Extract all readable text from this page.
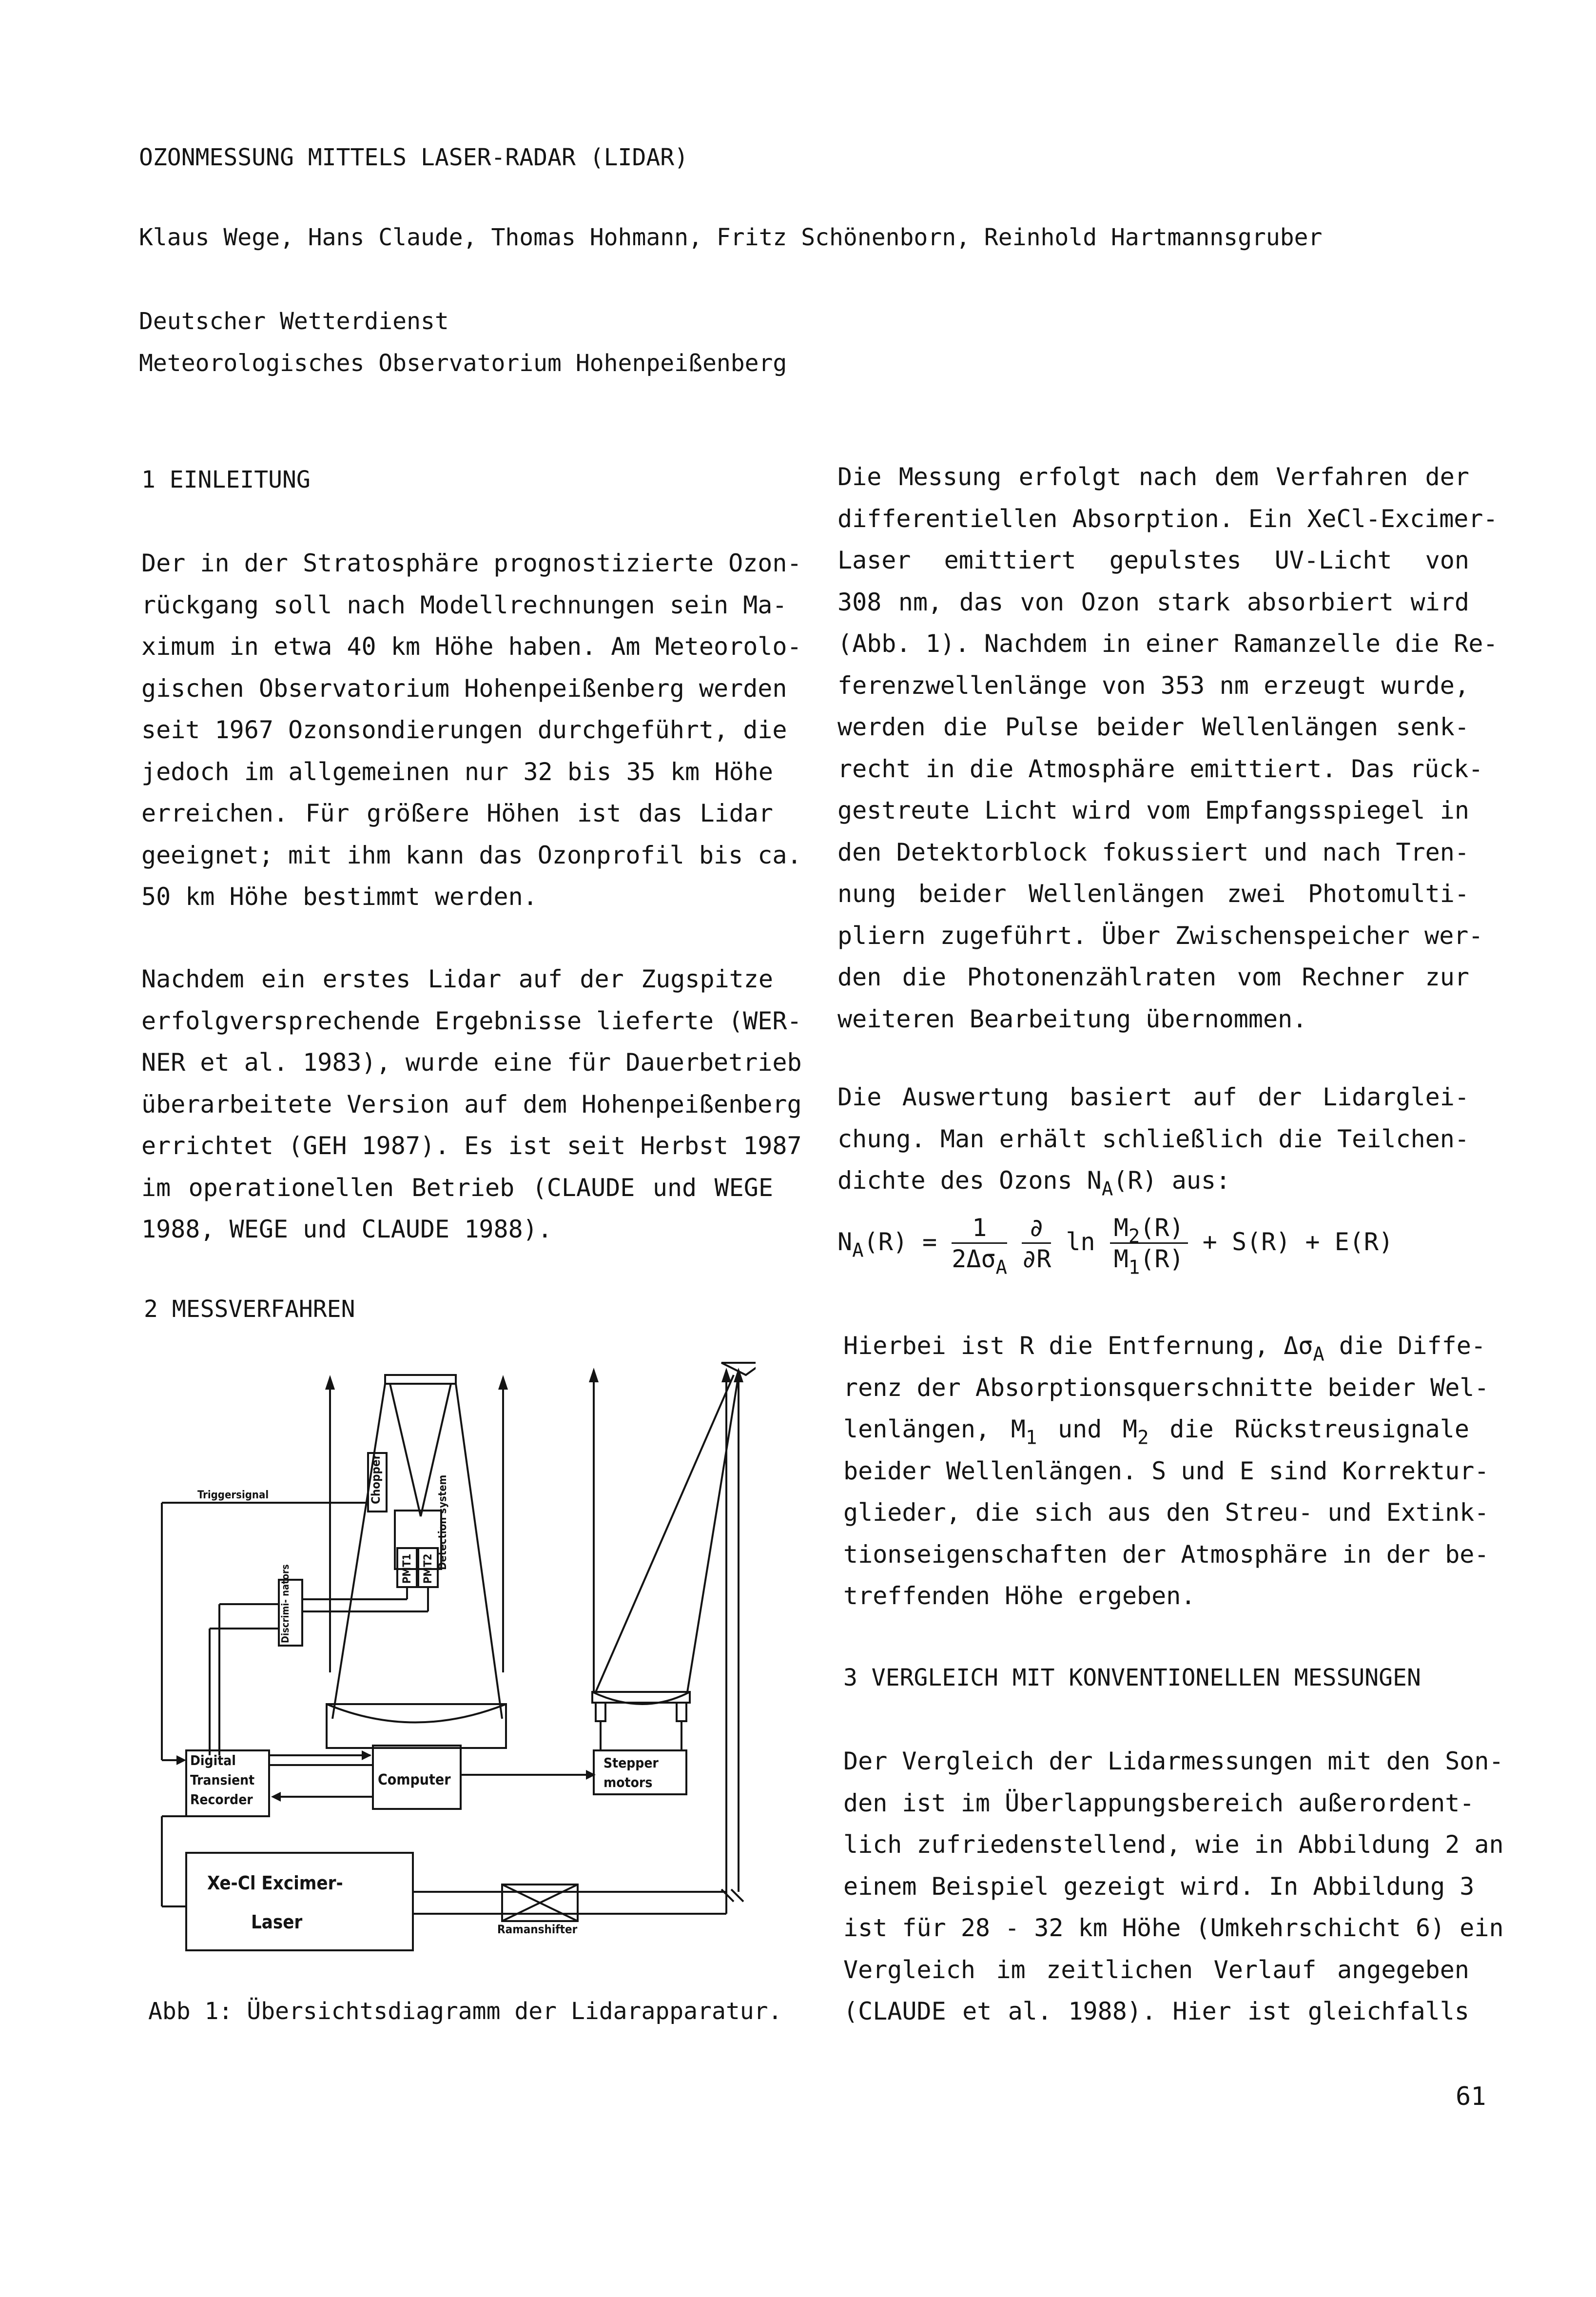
OZONMESSUNG MITTELS LASER-RADAR (LIDAR)
Klaus Wege, Hans Claude, Thomas Hohmann, Fritz Schönenborn, Reinhold Hartmannsgruber
Deutscher Wetterdienst
Meteorologisches Observatorium Hohenpeißenberg
1 EINLEITUNG
Der in der Stratosphäre prognostizierte Ozon-
rückgang soll nach Modellrechnungen sein Ma-
ximum in etwa 40 km Höhe haben. Am Meteorolo-
gischen Observatorium Hohenpeißenberg werden
seit 1967 Ozonsondierungen durchgeführt, die
jedoch im allgemeinen nur 32 bis 35 km Höhe
erreichen. Für größere Höhen ist das Lidar
geeignet; mit ihm kann das Ozonprofil bis ca.
50 km Höhe bestimmt werden.
Nachdem ein erstes Lidar auf der Zugspitze
erfolgversprechende Ergebnisse lieferte (WER-
NER et al. 1983), wurde eine für Dauerbetrieb
überarbeitete Version auf dem Hohenpeißenberg
errichtet (GEH 1987). Es ist seit Herbst 1987
im operationellen Betrieb (CLAUDE und WEGE
1988, WEGE und CLAUDE 1988).
2 MESSVERFAHREN
Chopper	Detection system
PMT1 PMT2
Triggersignal
Discrimi- nators
Digital
Transient
Recorder
Computer
Xe-Cl Excimer-
Laser	Ramanshifter
Stepper
motors
Abb 1: Übersichtsdiagramm der Lidarapparatur.
Die Messung erfolgt nach dem Verfahren der
differentiellen Absorption. Ein XeCl-Excimer-
Laser emittiert gepulstes UV-Licht von
308 nm, das von Ozon stark absorbiert wird
(Abb. 1). Nachdem in einer Ramanzelle die Re-
ferenzwellenlänge von 353 nm erzeugt wurde,
werden die Pulse beider Wellenlängen senk-
recht in die Atmosphäre emittiert. Das rück-
gestreute Licht wird vom Empfangsspiegel in
den Detektorblock fokussiert und nach Tren-
nung beider Wellenlängen zwei Photomulti-
pliern zugeführt. Über Zwischenspeicher wer-
den die Photonenzählraten vom Rechner zur
weiteren Bearbeitung übernommen.
Die Auswertung basiert auf der Lidarglei-
chung. Man erhält schließlich die Teilchen-
dichte des Ozons $N_A(R)$ aus:
$N_A(R) = \frac{1}{2\Delta\sigma_A}$
$\frac{\partial}{\partial R}$ $\ln \frac{M_2(R)}{M_1(R)} + S(R) + E(R)$
Hierbei ist R die Entfernung, $\Delta\sigma_A$ die Diffe-
renz der Absorptionsquerschnitte beider Wel-
lenlängen, $M_1$ und $M_2$ die Rückstreusignale
beider Wellenlängen. S und E sind Korrektur-
glieder, die sich aus den Streu- und Extink-
tionseigenschaften der Atmosphäre in der be-
treffenden Höhe ergeben.
3 VERGLEICH MIT KONVENTIONELLEN MESSUNGEN
Der Vergleich der Lidarmessungen mit den Son-
den ist im Überlappungsbereich außerordent-
lich zufriedenstellend, wie in Abbildung 2 an
einem Beispiel gezeigt wird. In Abbildung 3
ist für 28 - 32 km Höhe (Umkehrschicht 6) ein
Vergleich im zeitlichen Verlauf angegeben
(CLAUDE et al. 1988). Hier ist gleichfalls
61
